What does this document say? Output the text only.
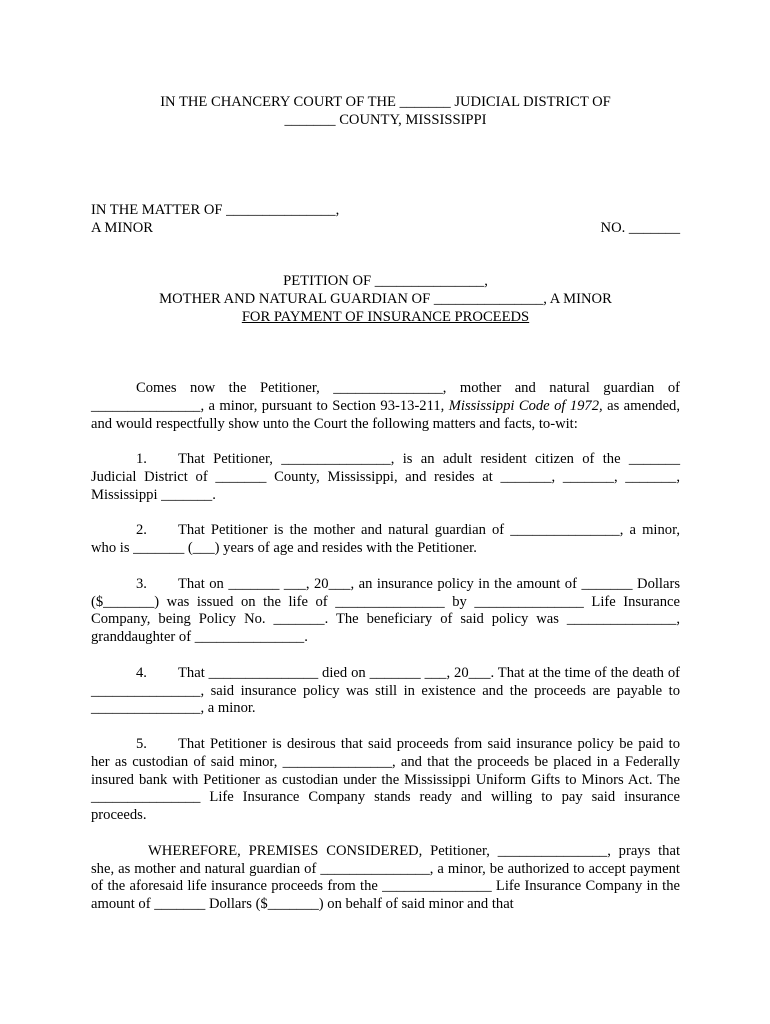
IN THE CHANCERY COURT OF THE _______ JUDICIAL DISTRICT OF
_______ COUNTY, MISSISSIPPI
IN THE MATTER OF _______________,
A MINOR	NO. _______
PETITION OF _______________,
MOTHER AND NATURAL GUARDIAN OF _______________, A MINOR
FOR PAYMENT OF INSURANCE PROCEEDS

Comes now the Petitioner, _______________, mother and natural guardian of _______________, a minor, pursuant to Section 93-13-211, Mississippi Code of 1972, as amended, and would respectfully show unto the Court the following matters and facts, to-wit:

1. That Petitioner, _______________, is an adult resident citizen of the _______ Judicial District of _______ County, Mississippi, and resides at _______, _______, _______, Mississippi _______.

2. That Petitioner is the mother and natural guardian of _______________, a minor, who is _______ (___) years of age and resides with the Petitioner.

3. That on _______ ___, 20___, an insurance policy in the amount of _______ Dollars ($_______) was issued on the life of _______________ by _______________ Life Insurance Company, being Policy No. _______. The beneficiary of said policy was _______________, granddaughter of _______________.

4. That _______________ died on _______ ___, 20___. That at the time of the death of _______________, said insurance policy was still in existence and the proceeds are payable to _______________, a minor.

5. That Petitioner is desirous that said proceeds from said insurance policy be paid to her as custodian of said minor, _______________, and that the proceeds be placed in a Federally insured bank with Petitioner as custodian under the Mississippi Uniform Gifts to Minors Act. The _______________ Life Insurance Company stands ready and willing to pay said insurance proceeds.

WHEREFORE, PREMISES CONSIDERED, Petitioner, _______________, prays that she, as mother and natural guardian of _______________, a minor, be authorized to accept payment of the aforesaid life insurance proceeds from the _______________ Life Insurance Company in the amount of _______ Dollars ($_______) on behalf of said minor and that
